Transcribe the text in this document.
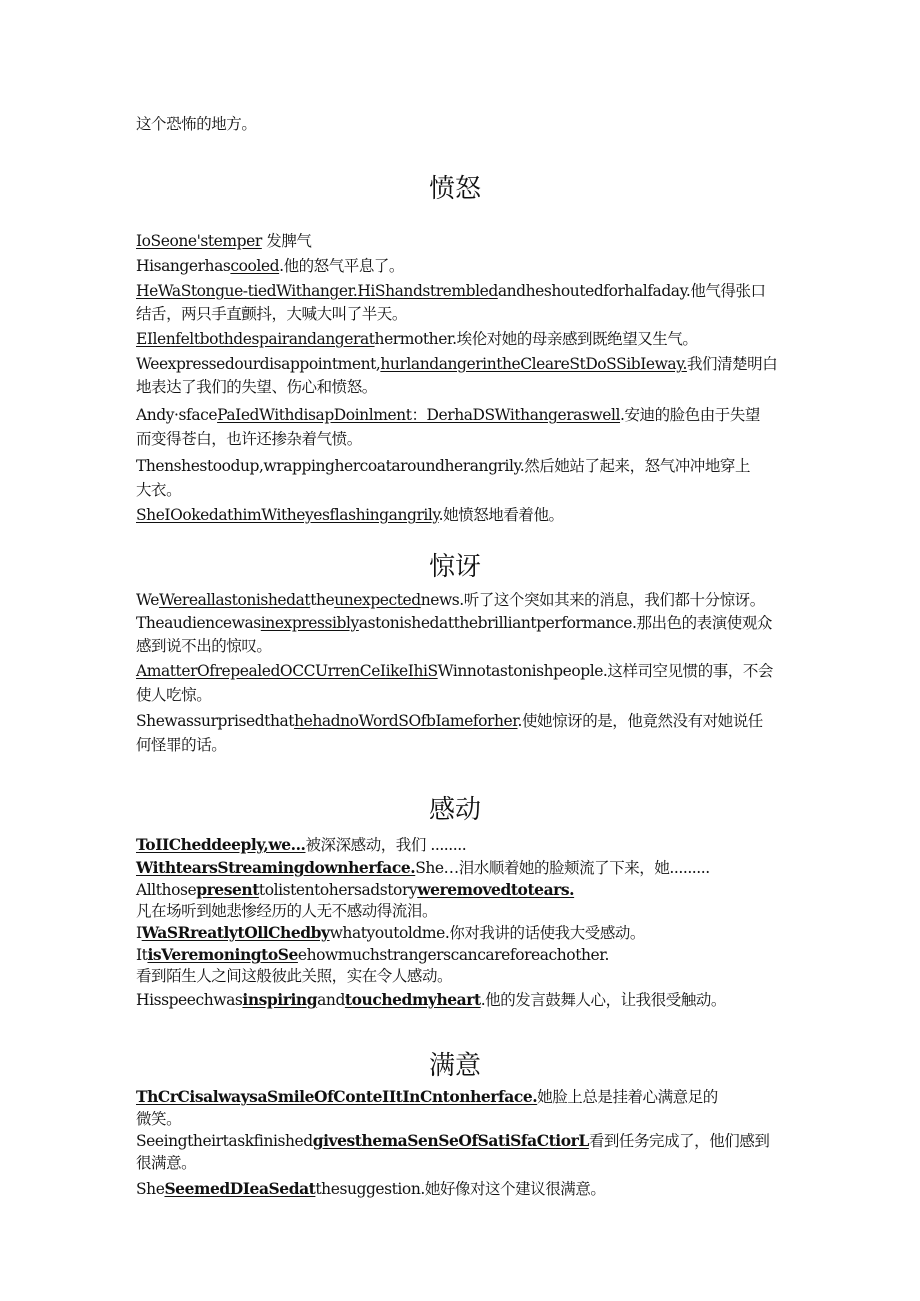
这个恐怖的地方。
愤怒
IoSeone'stemper 发脾气
Hisangerhascooled.他的怒气平息了。
HeWaStongue-tiedWithanger.HiShandstrembledandheshoutedforhalfaday.他气得张口
结舌，两只手直颤抖，大喊大叫了半天。
EIlenfeltbothdespairandangerathermother.埃伦对她的母亲感到既绝望又生气。
Weexpressedourdisappointment,hurlandangerintheCleareStDoSSibIeway.我们清楚明白
地表达了我们的失望、伤心和愤怒。
Andy·sfacePaIedWithdisapDoinlment：DerhaDSWithangeraswell.安迪的脸色由于失望
而变得苍白，也许还掺杂着气愤。
Thenshestoodup,wrappinghercoataroundherangrily.然后她站了起来，怒气冲冲地穿上
大衣。
SheIOokedathimWitheyesflashingangrily.她愤怒地看着他。
惊讶
WeWereallastonishedattheunexpectednews.听了这个突如其来的消息，我们都十分惊讶。
Theaudiencewasinexpressiblyastonishedatthebrilliantperformance.那出色的表演使观众
感到说不出的惊叹。
AmatterOfrepealedOCCUrrenCeIikeIhiSWinnotastonishpeople.这样司空见惯的事，不会
使人吃惊。
ShewassurprisedthathehadnoWordSOfbIameforher.使她惊讶的是，他竟然没有对她说任
何怪罪的话。
感动
ToIICheddeeply,we...被深深感动，我们 ........
WithtearsStreamingdownherface.She…泪水顺着她的脸颊流了下来，她.........
Allthosepresenttolistentohersadstoryweremovedtotears.
凡在场听到她悲惨经历的人无不感动得流泪。
IWaSRreatlytOllChedbywhatyoutoldme.你对我讲的话使我大受感动。
ItisVeremoningtoSeehowmuchstrangerscancareforeachother.
看到陌生人之间这般彼此关照，实在令人感动。
Hisspeechwasinspiringandtouchedmyheart.他的发言鼓舞人心，让我很受触动。
满意
ThCrCisalwaysaSmileOfConteIItInCntonherface.她脸上总是挂着心满意足的
微笑。
SeeingtheirtaskfinishedgivesthemaSenSeOfSatiSfaCtiorL看到任务完成了，他们感到
很满意。
SheSeemedDIeaSedatthesuggestion.她好像对这个建议很满意。
